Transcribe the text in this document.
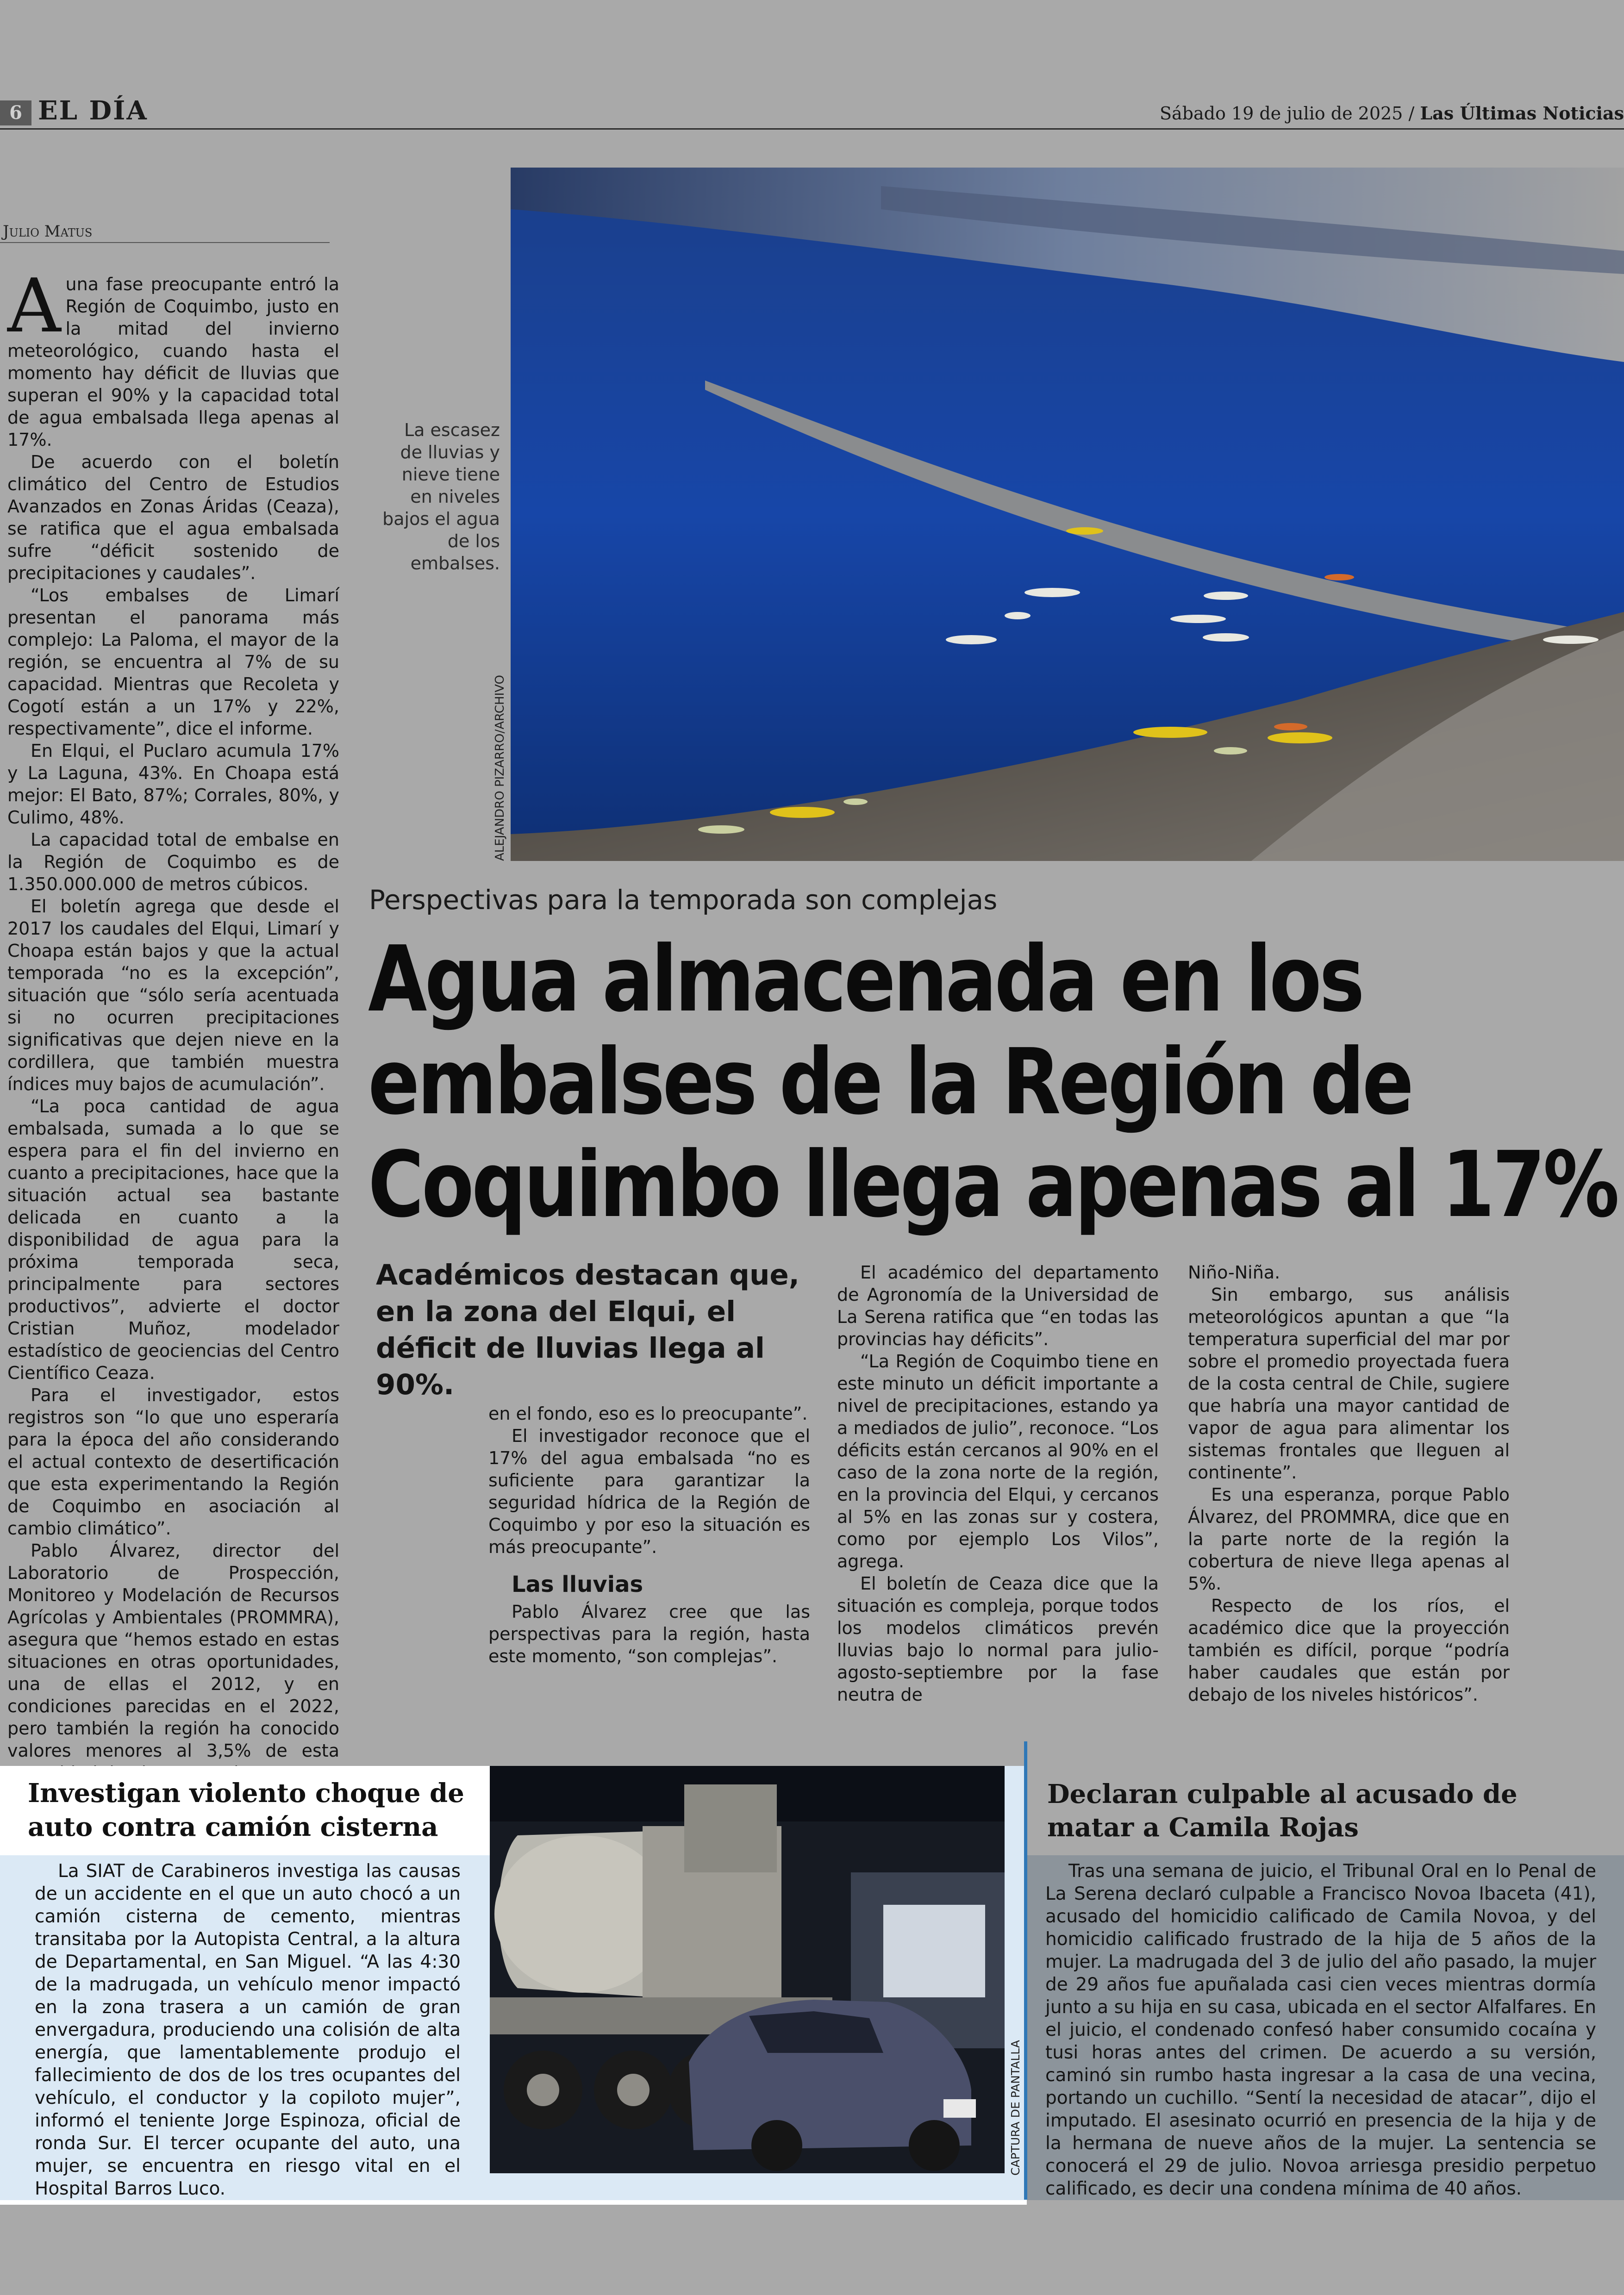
6 EL DÍA	Sábado 19 de julio de 2025 / Las Últimas Noticias
Julio Matus

Auna fase preocupante entró la Región de Coquimbo, justo en la mitad del invierno meteorológico, cuando hasta el momento hay déficit de lluvias que superan el 90% y la capacidad total de agua embalsada llega apenas al 17%.

De acuerdo con el boletín climático del Centro de Estudios Avanzados en Zonas Áridas (Ceaza), se ratifica que el agua embalsada sufre “déficit sostenido de precipitaciones y caudales”.

“Los embalses de Limarí presentan el panorama más complejo: La Paloma, el mayor de la región, se encuentra al 7% de su capacidad. Mientras que Recoleta y Cogotí están a un 17% y 22%, respectivamente”, dice el informe.

En Elqui, el Puclaro acumula 17% y La Laguna, 43%. En Choapa está mejor: El Bato, 87%; Corrales, 80%, y Culimo, 48%.

La capacidad total de embalse en la Región de Coquimbo es de 1.350.000.000 de metros cúbicos.

El boletín agrega que desde el 2017 los caudales del Elqui, Limarí y Choapa están bajos y que la actual temporada “no es la excepción”, situación que “sólo sería acentuada si no ocurren precipitaciones significativas que dejen nieve en la cordillera, que también muestra índices muy bajos de acumulación”.

“La poca cantidad de agua embalsada, sumada a lo que se espera para el fin del invierno en cuanto a precipitaciones, hace que la situación actual sea bastante delicada en cuanto a la disponibilidad de agua para la próxima temporada seca, principalmente para sectores productivos”, advierte el doctor Cristian Muñoz, modelador estadístico de geociencias del Centro Científico Ceaza.

Para el investigador, estos registros son “lo que uno esperaría para la época del año considerando el actual contexto de desertificación que esta experimentando la Región de Coquimbo en asociación al cambio climático”.

Pablo Álvarez, director del Laboratorio de Prospección, Monitoreo y Modelación de Recursos Agrícolas y Ambientales (PROMMRA), asegura que “hemos estado en estas situaciones en otras oportunidades, una de ellas el 2012, y en condiciones parecidas en el 2022, pero también la región ha conocido valores menores al 3,5% de esta

ALEJANDRO PIZARRO/ARCHIVO
La escasez de lluvias y nieve tiene en niveles bajos el agua de los embalses.
Perspectivas para la temporada son complejas
Agua almacenada en los
embalses de la Región de
Coquimbo llega apenas al 17%
Académicos destacan que, en la zona del Elqui, el déficit de lluvias llega al 90%.

en el fondo, eso es lo preocupante”.

El investigador reconoce que el 17% del agua embalsada “no es suficiente para garantizar la seguridad hídrica de la Región de Coquimbo y por eso la situación es más preocupante”.

Las lluvias

Pablo Álvarez cree que las perspectivas para la región, hasta este momento, “son complejas”.

El académico del departamento de Agronomía de la Universidad de La Serena ratifica que “en todas las provincias hay déficits”.

“La Región de Coquimbo tiene en este minuto un déficit importante a nivel de precipitaciones, estando ya a mediados de julio”, reconoce. “Los déficits están cercanos al 90% en el caso de la zona norte de la región, en la provincia del Elqui, y cercanos al 5% en las zonas sur y costera, como por ejemplo Los Vilos”, agrega.

El boletín de Ceaza dice que la situación es compleja, porque todos los modelos climáticos prevén lluvias bajo lo normal para julio-agosto-septiembre por la fase neutra de

Niño-Niña.

Sin embargo, sus análisis meteorológicos apuntan a que “la temperatura superficial del mar por sobre el promedio proyectada fuera de la costa central de Chile, sugiere que habría una mayor cantidad de vapor de agua para alimentar los sistemas frontales que lleguen al continente”.

Es una esperanza, porque Pablo Álvarez, del PROMMRA, dice que en la parte norte de la región la cobertura de nieve llega apenas al 5%.

Respecto de los ríos, el académico dice que la proyección también es difícil, porque “podría haber caudales que están por debajo de los niveles históricos”.

Investigan violento choque de auto contra camión cisterna

La SIAT de Carabineros investiga las causas de un accidente en el que un auto chocó a un camión cisterna de cemento, mientras transitaba por la Autopista Central, a la altura de Departamental, en San Miguel. “A las 4:30 de la madrugada, un vehículo menor impactó en la zona trasera a un camión de gran envergadura, produciendo una colisión de alta energía, que lamentablemente produjo el fallecimiento de dos de los tres ocupantes del vehículo, el conductor y la copiloto mujer”, informó el teniente Jorge Espinoza, oficial de ronda Sur. El tercer ocupante del auto, una mujer, se encuentra en riesgo vital en el Hospital Barros Luco.

CAPTURA DE PANTALLA
Declaran culpable al acusado de matar a Camila Rojas

Tras una semana de juicio, el Tribunal Oral en lo Penal de La Serena declaró culpable a Francisco Novoa Ibaceta (41), acusado del homicidio calificado de Camila Novoa, y del homicidio calificado frustrado de la hija de 5 años de la mujer. La madrugada del 3 de julio del año pasado, la mujer de 29 años fue apuñalada casi cien veces mientras dormía junto a su hija en su casa, ubicada en el sector Alfalfares. En el juicio, el condenado confesó haber consumido cocaína y tusi horas antes del crimen. De acuerdo a su versión, caminó sin rumbo hasta ingresar a la casa de una vecina, portando un cuchillo. “Sentí la necesidad de atacar”, dijo el imputado. El asesinato ocurrió en presencia de la hija y de la hermana de nueve años de la mujer. La sentencia se conocerá el 29 de julio. Novoa arriesga presidio perpetuo calificado, es decir una condena mínima de 40 años.
